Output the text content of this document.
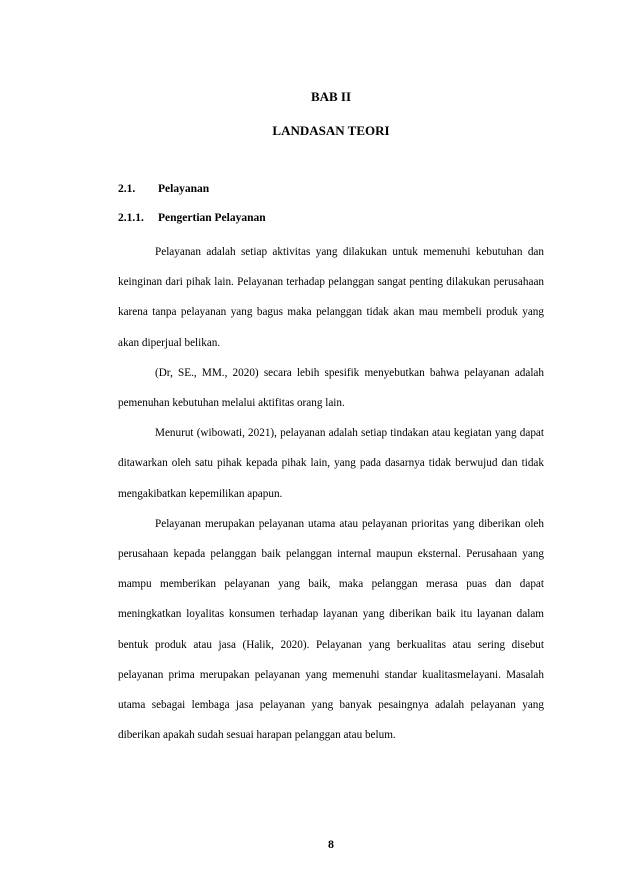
BAB II
LANDASAN TEORI
2.1. Pelayanan
2.1.1. Pengertian Pelayanan

Pelayanan adalah setiap aktivitas yang dilakukan untuk memenuhi kebutuhan dan keinginan dari pihak lain. Pelayanan terhadap pelanggan sangat penting dilakukan perusahaan karena tanpa pelayanan yang bagus maka pelanggan tidak akan mau membeli produk yang akan diperjual belikan.

(Dr, SE., MM., 2020) secara lebih spesifik menyebutkan bahwa pelayanan adalah pemenuhan kebutuhan melalui aktifitas orang lain.

Menurut (wibowati, 2021), pelayanan adalah setiap tindakan atau kegiatan yang dapat ditawarkan oleh satu pihak kepada pihak lain, yang pada dasarnya tidak berwujud dan tidak mengakibatkan kepemilikan apapun.

Pelayanan merupakan pelayanan utama atau pelayanan prioritas yang diberikan oleh perusahaan kepada pelanggan baik pelanggan internal maupun eksternal. Perusahaan yang mampu memberikan pelayanan yang baik, maka pelanggan merasa puas dan dapat meningkatkan loyalitas konsumen terhadap layanan yang diberikan baik itu layanan dalam bentuk produk atau jasa (Halik, 2020). Pelayanan yang berkualitas atau sering disebut pelayanan prima merupakan pelayanan yang memenuhi standar kualitasmelayani. Masalah utama sebagai lembaga jasa pelayanan yang banyak pesaingnya adalah pelayanan yang diberikan apakah sudah sesuai harapan pelanggan atau belum.

8
